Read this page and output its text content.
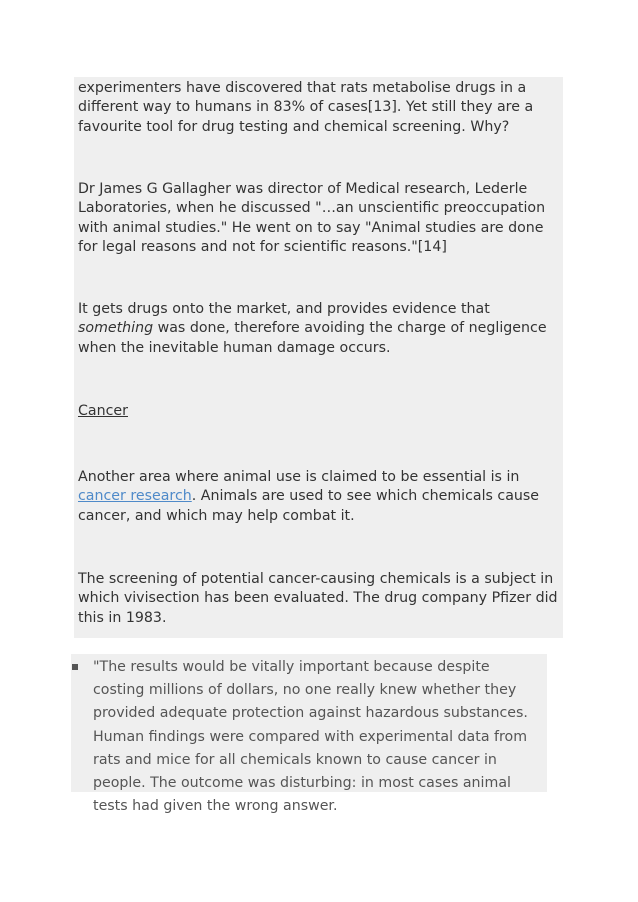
experimenters have discovered that rats metabolise drugs in a different way to humans in 83% of cases[13]. Yet still they are a favourite tool for drug testing and chemical screening. Why?

Dr James G Gallagher was director of Medical research, Lederle Laboratories, when he discussed "…an unscientific preoccupation with animal studies." He went on to say "Animal studies are done for legal reasons and not for scientific reasons."[14]

It gets drugs onto the market, and provides evidence that something was done, therefore avoiding the charge of negligence when the inevitable human damage occurs.

Cancer

Another area where animal use is claimed to be essential is in cancer research. Animals are used to see which chemicals cause cancer, and which may help combat it.

The screening of potential cancer-causing chemicals is a subject in which vivisection has been evaluated. The drug company Pfizer did this in 1983.

"The results would be vitally important because despite costing millions of dollars, no one really knew whether they provided adequate protection against hazardous substances. Human findings were compared with experimental data from rats and mice for all chemicals known to cause cancer in people. The outcome was disturbing: in most cases animal tests had given the wrong answer.
